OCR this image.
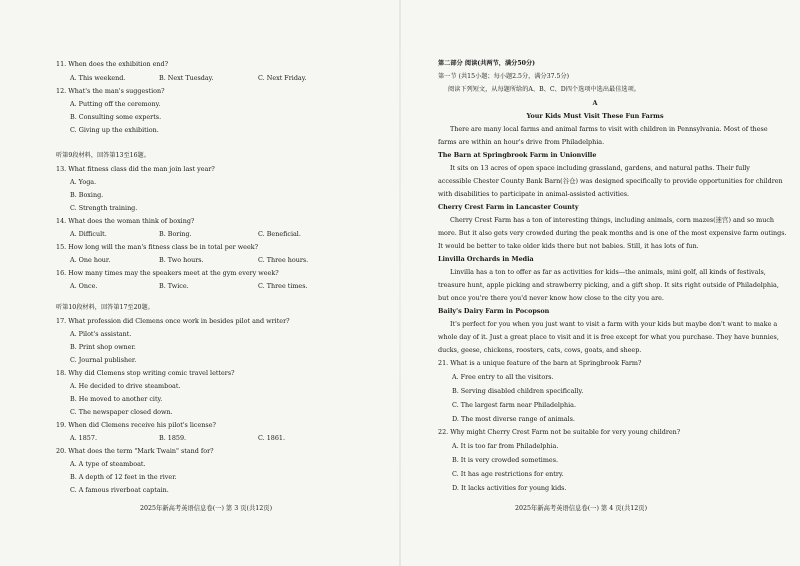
11. When does the exhibition end?
A. This weekend.	B. Next Tuesday.	C. Next Friday.
12. What's the man's suggestion?
A. Putting off the ceremony.
B. Consulting some experts.
C. Giving up the exhibition.
听第9段材料，回答第13至16题。
13. What fitness class did the man join last year?
A. Yoga.
B. Boxing.
C. Strength training.
14. What does the woman think of boxing?
A. Difficult.	B. Boring.	C. Beneficial.
15. How long will the man's fitness class be in total per week?
A. One hour.	B. Two hours.	C. Three hours.
16. How many times may the speakers meet at the gym every week?
A. Once.	B. Twice.	C. Three times.
听第10段材料，回答第17至20题。
17. What profession did Clemens once work in besides pilot and writer?
A. Pilot's assistant.
B. Print shop owner.
C. Journal publisher.
18. Why did Clemens stop writing comic travel letters?
A. He decided to drive steamboat.
B. He moved to another city.
C. The newspaper closed down.
19. When did Clemens receive his pilot's license?
A. 1857.	B. 1859.	C. 1861.
20. What does the term "Mark Twain" stand for?
A. A type of steamboat.
B. A depth of 12 feet in the river.
C. A famous riverboat captain.
2025年新高考英语信息卷(一) 第 3 页(共12页)
第二部分 阅读(共两节，满分50分)
第一节 (共15小题；每小题2.5分，满分37.5分)
阅读下列短文，从每题所给的A、B、C、D四个选项中选出最佳选项。
A
Your Kids Must Visit These Fun Farms
There are many local farms and animal farms to visit with children in Pennsylvania. Most of these
farms are within an hour's drive from Philadelphia.
The Barn at Springbrook Farm in Unionville
It sits on 13 acres of open space including grassland, gardens, and natural paths. Their fully
accessible Chester County Bank Barn(谷仓) was designed specifically to provide opportunities for children
with disabilities to participate in animal-assisted activities.
Cherry Crest Farm in Lancaster County
Cherry Crest Farm has a ton of interesting things, including animals, corn mazes(迷宫) and so much
more. But it also gets very crowded during the peak months and is one of the most expensive farm outings.
It would be better to take older kids there but not babies. Still, it has lots of fun.
Linvilla Orchards in Media
Linvilla has a ton to offer as far as activities for kids—the animals, mini golf, all kinds of festivals,
treasure hunt, apple picking and strawberry picking, and a gift shop. It sits right outside of Philadelphia,
but once you're there you'd never know how close to the city you are.
Baily's Dairy Farm in Pocopson
It's perfect for you when you just want to visit a farm with your kids but maybe don't want to make a
whole day of it. Just a great place to visit and it is free except for what you purchase. They have bunnies,
ducks, geese, chickens, roosters, cats, cows, goats, and sheep.
21. What is a unique feature of the barn at Springbrook Farm?
A. Free entry to all the visitors.
B. Serving disabled children specifically.
C. The largest farm near Philadelphia.
D. The most diverse range of animals.
22. Why might Cherry Crest Farm not be suitable for very young children?
A. It is too far from Philadelphia.
B. It is very crowded sometimes.
C. It has age restrictions for entry.
D. It lacks activities for young kids.
2025年新高考英语信息卷(一) 第 4 页(共12页)
